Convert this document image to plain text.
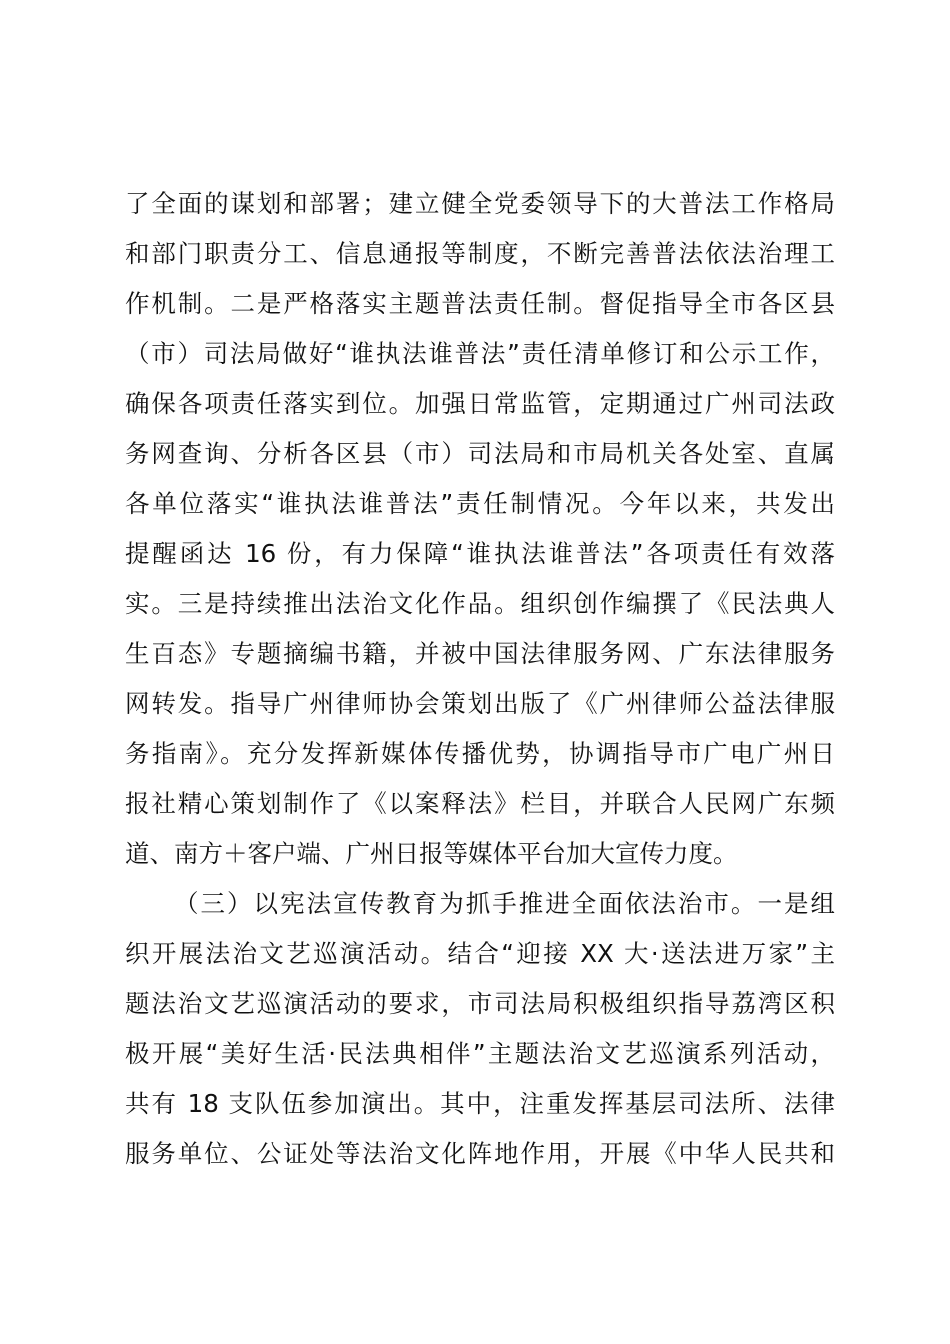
了全面的谋划和部署；建立健全党委领导下的大普法工作格局
和部门职责分工、信息通报等制度，不断完善普法依法治理工
作机制。二是严格落实主题普法责任制。督促指导全市各区县
（市）司法局做好“谁执法谁普法”责任清单修订和公示工作，
确保各项责任落实到位。加强日常监管，定期通过广州司法政
务网查询、分析各区县（市）司法局和市局机关各处室、直属
各单位落实“谁执法谁普法”责任制情况。今年以来，共发出
提醒函达 16 份，有力保障“谁执法谁普法”各项责任有效落
实。三是持续推出法治文化作品。组织创作编撰了《民法典人
生百态》专题摘编书籍，并被中国法律服务网、广东法律服务
网转发。指导广州律师协会策划出版了《广州律师公益法律服
务指南》。充分发挥新媒体传播优势，协调指导市广电广州日
报社精心策划制作了《以案释法》栏目，并联合人民网广东频
道、南方＋客户端、广州日报等媒体平台加大宣传力度。
（三）以宪法宣传教育为抓手推进全面依法治市。一是组
织开展法治文艺巡演活动。结合“迎接 XX 大·送法进万家”主
题法治文艺巡演活动的要求，市司法局积极组织指导荔湾区积
极开展“美好生活·民法典相伴”主题法治文艺巡演系列活动，
共有 18 支队伍参加演出。其中，注重发挥基层司法所、法律
服务单位、公证处等法治文化阵地作用，开展《中华人民共和
